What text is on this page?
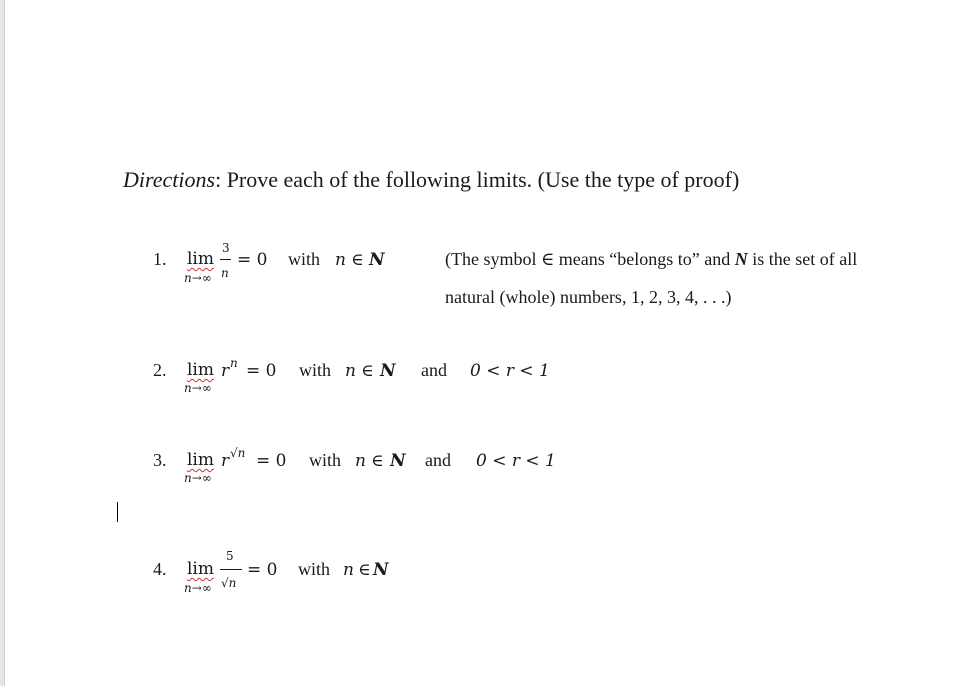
Directions: Prove each of the following limits. (Use the type of proof)
1. lim
n→∞
3
n
= 0 with n ∈ N	(The symbol ∈ means “belongs to” and N is the set of all
natural (whole) numbers, 1, 2, 3, 4, . . .)
2. lim
n→∞
r n = 0 with n ∈ N and 0 < r < 1
3. lim
n→∞
r √n = 0 with n ∈ N and 0 < r < 1
4. lim
n→∞
5
√n
= 0 with n ∈ N
